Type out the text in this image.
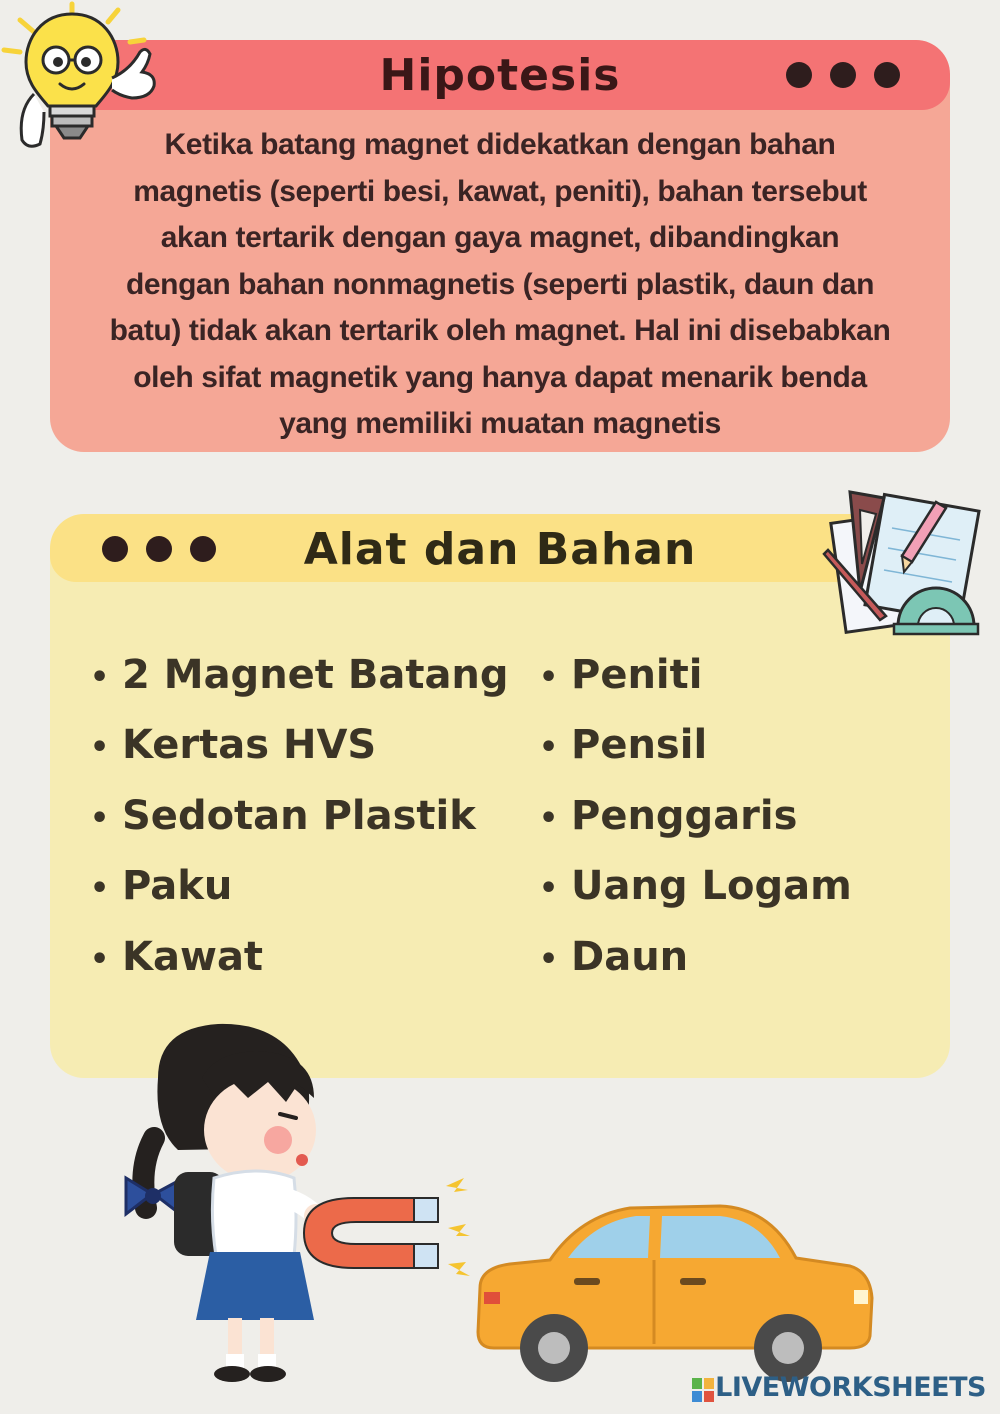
Hipotesis
Ketika batang magnet didekatkan dengan bahan
magnetis (seperti besi, kawat, peniti), bahan tersebut
akan tertarik dengan gaya magnet, dibandingkan
dengan bahan nonmagnetis (seperti plastik, daun dan
batu) tidak akan tertarik oleh magnet. Hal ini disebabkan
oleh sifat magnetik yang hanya dapat menarik benda
yang memiliki muatan magnetis
Alat dan Bahan
• 2 Magnet Batang
• Kertas HVS
• Sedotan Plastik
• Paku
• Kawat
• Peniti
• Pensil
• Penggaris
• Uang Logam
• Daun
LIVEWORKSHEETS
